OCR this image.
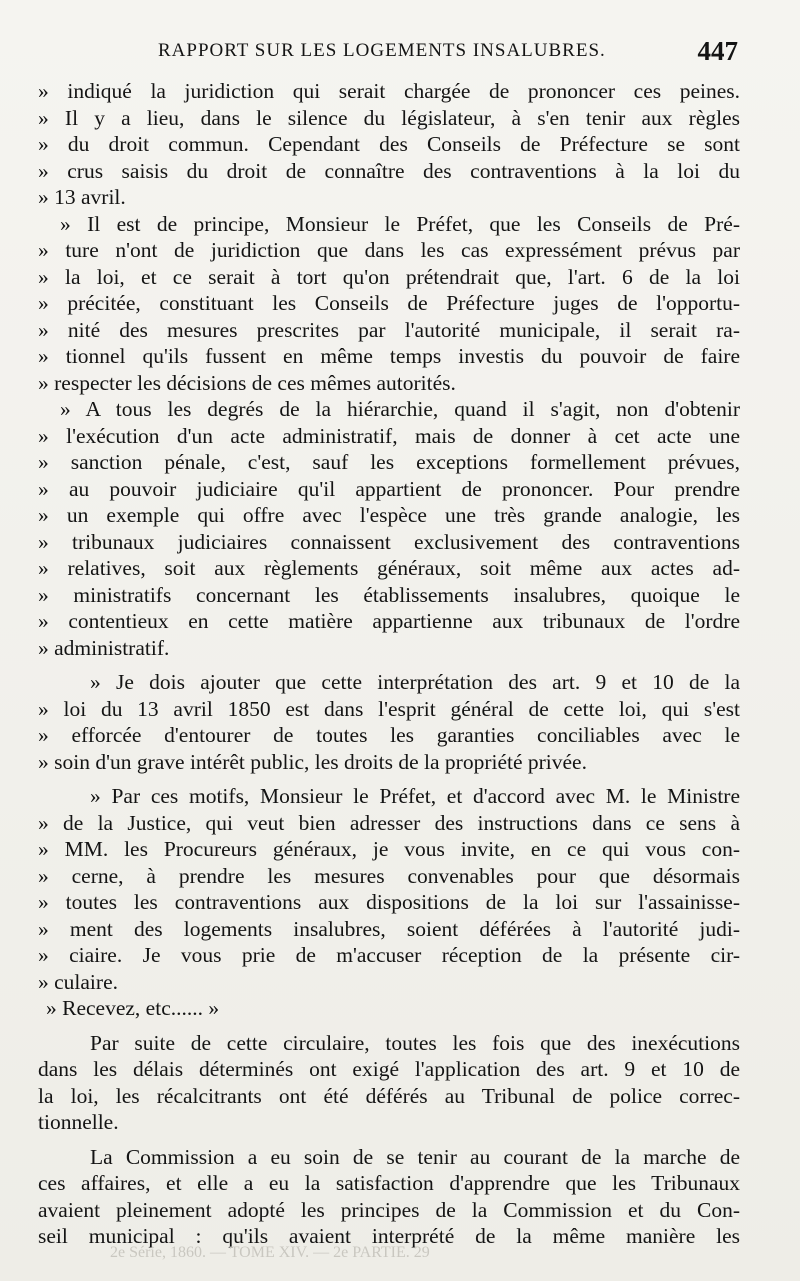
RAPPORT SUR LES LOGEMENTS INSALUBRES.	447
» indiqué la juridiction qui serait chargée de prononcer ces peines.
» Il y a lieu, dans le silence du législateur, à s'en tenir aux règles
» du droit commun. Cependant des Conseils de Préfecture se sont
» crus saisis du droit de connaître des contraventions à la loi du
» 13 avril.
» Il est de principe, Monsieur le Préfet, que les Conseils de Pré-
» ture n'ont de juridiction que dans les cas expressément prévus par
» la loi, et ce serait à tort qu'on prétendrait que, l'art. 6 de la loi
» précitée, constituant les Conseils de Préfecture juges de l'opportu-
» nité des mesures prescrites par l'autorité municipale, il serait ra-
» tionnel qu'ils fussent en même temps investis du pouvoir de faire
» respecter les décisions de ces mêmes autorités.
» A tous les degrés de la hiérarchie, quand il s'agit, non d'obtenir
» l'exécution d'un acte administratif, mais de donner à cet acte une
» sanction pénale, c'est, sauf les exceptions formellement prévues,
» au pouvoir judiciaire qu'il appartient de prononcer. Pour prendre
» un exemple qui offre avec l'espèce une très grande analogie, les
» tribunaux judiciaires connaissent exclusivement des contraventions
» relatives, soit aux règlements généraux, soit même aux actes ad-
» ministratifs concernant les établissements insalubres, quoique le
» contentieux en cette matière appartienne aux tribunaux de l'ordre
» administratif.
» Je dois ajouter que cette interprétation des art. 9 et 10 de la
» loi du 13 avril 1850 est dans l'esprit général de cette loi, qui s'est
» efforcée d'entourer de toutes les garanties conciliables avec le
» soin d'un grave intérêt public, les droits de la propriété privée.
» Par ces motifs, Monsieur le Préfet, et d'accord avec M. le Ministre
» de la Justice, qui veut bien adresser des instructions dans ce sens à
» MM. les Procureurs généraux, je vous invite, en ce qui vous con-
» cerne, à prendre les mesures convenables pour que désormais
» toutes les contraventions aux dispositions de la loi sur l'assainisse-
» ment des logements insalubres, soient déférées à l'autorité judi-
» ciaire. Je vous prie de m'accuser réception de la présente cir-
» culaire.
» Recevez, etc...... »
Par suite de cette circulaire, toutes les fois que des inexécutions
dans les délais déterminés ont exigé l'application des art. 9 et 10 de
la loi, les récalcitrants ont été déférés au Tribunal de police correc-
tionnelle.
La Commission a eu soin de se tenir au courant de la marche de
ces affaires, et elle a eu la satisfaction d'apprendre que les Tribunaux
avaient pleinement adopté les principes de la Commission et du Con-
seil municipal : qu'ils avaient interprété de la même manière les
2e Série, 1860. — TOME XIV. — 2e PARTIE. 29
